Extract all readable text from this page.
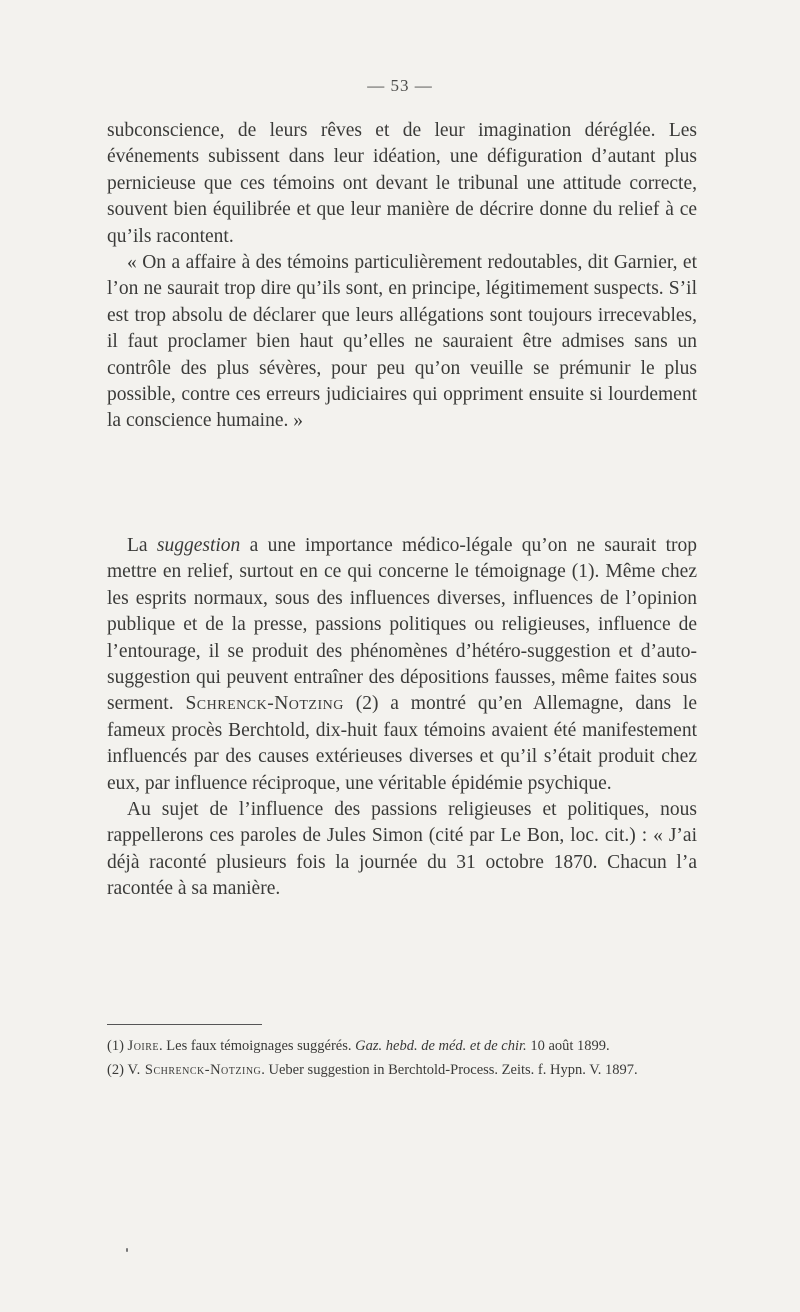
— 53 —

subconscience, de leurs rêves et de leur imagination déréglée. Les événements subissent dans leur idéation, une défiguration d’autant plus pernicieuse que ces témoins ont devant le tribunal une attitude correcte, souvent bien équilibrée et que leur manière de décrire donne du relief à ce qu’ils racontent.

« On a affaire à des témoins particulièrement redoutables, dit Garnier, et l’on ne saurait trop dire qu’ils sont, en principe, légitimement suspects. S’il est trop absolu de déclarer que leurs allégations sont toujours irrecevables, il faut proclamer bien haut qu’elles ne sauraient être admises sans un contrôle des plus sévères, pour peu qu’on veuille se prémunir le plus possible, contre ces erreurs judiciaires qui oppriment ensuite si lourdement la conscience humaine. »

La suggestion a une importance médico-légale qu’on ne saurait trop mettre en relief, surtout en ce qui concerne le témoignage (1). Même chez les esprits normaux, sous des influences diverses, influences de l’opinion publique et de la presse, passions politiques ou religieuses, influence de l’entourage, il se produit des phénomènes d’hétéro-suggestion et d’auto-suggestion qui peuvent entraîner des dépositions fausses, même faites sous serment. Schrenck-Notzing (2) a montré qu’en Allemagne, dans le fameux procès Berchtold, dix-huit faux témoins avaient été manifestement influencés par des causes extérieuses diverses et qu’il s’était produit chez eux, par influence réciproque, une véritable épidémie psychique.

Au sujet de l’influence des passions religieuses et politiques, nous rappellerons ces paroles de Jules Simon (cité par Le Bon, loc. cit.) : « J’ai déjà raconté plusieurs fois la journée du 31 octobre 1870. Chacun l’a racontée à sa manière.

(1) Joire. Les faux témoignages suggérés. Gaz. hebd. de méd. et de chir. 10 août 1899.

(2) V. Schrenck-Notzing. Ueber suggestion in Berchtold-Process. Zeits. f. Hypn. V. 1897.
